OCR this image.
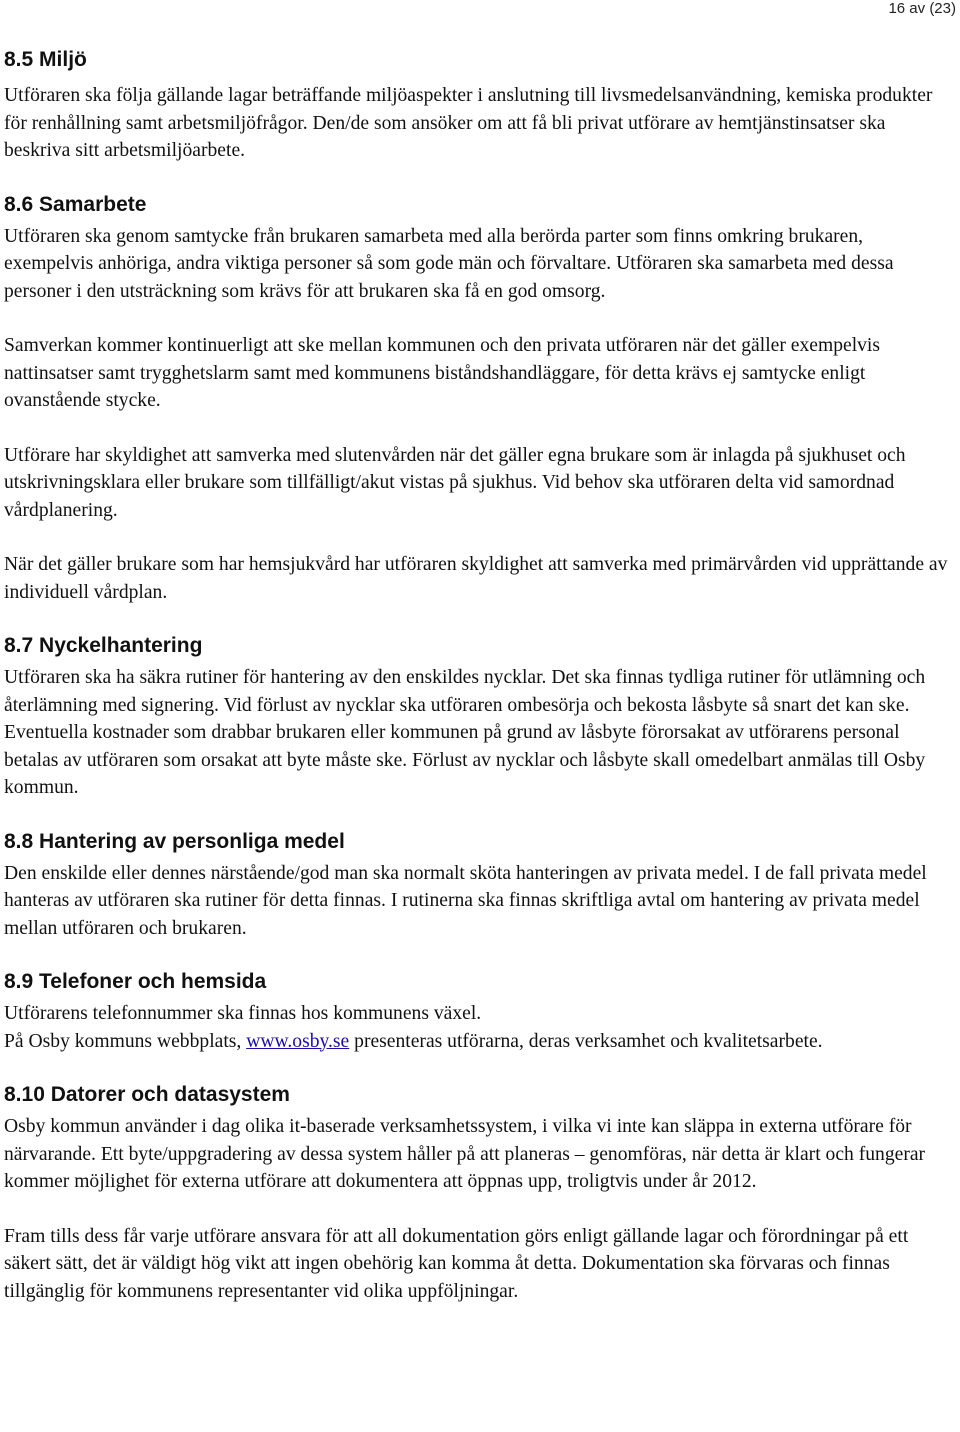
16 av (23)
8.5 Miljö

Utföraren ska följa gällande lagar beträffande miljöaspekter i anslutning till livsmedelsanvändning, kemiska produkter för renhållning samt arbetsmiljöfrågor. Den/de som ansöker om att få bli privat utförare av hemtjänstinsatser ska beskriva sitt arbetsmiljöarbete.

8.6 Samarbete

Utföraren ska genom samtycke från brukaren samarbeta med alla berörda parter som finns omkring brukaren, exempelvis anhöriga, andra viktiga personer så som gode män och förvaltare. Utföraren ska samarbeta med dessa personer i den utsträckning som krävs för att brukaren ska få en god omsorg.

Samverkan kommer kontinuerligt att ske mellan kommunen och den privata utföraren när det gäller exempelvis nattinsatser samt trygghetslarm samt med kommunens biståndshandläggare, för detta krävs ej samtycke enligt ovanstående stycke.

Utförare har skyldighet att samverka med slutenvården när det gäller egna brukare som är inlagda på sjukhuset och utskrivningsklara eller brukare som tillfälligt/akut vistas på sjukhus. Vid behov ska utföraren delta vid samordnad vårdplanering.

När det gäller brukare som har hemsjukvård har utföraren skyldighet att samverka med primärvården vid upprättande av individuell vårdplan.

8.7 Nyckelhantering

Utföraren ska ha säkra rutiner för hantering av den enskildes nycklar. Det ska finnas tydliga rutiner för utlämning och återlämning med signering. Vid förlust av nycklar ska utföraren ombesörja och bekosta låsbyte så snart det kan ske. Eventuella kostnader som drabbar brukaren eller kommunen på grund av låsbyte förorsakat av utförarens personal betalas av utföraren som orsakat att byte måste ske. Förlust av nycklar och låsbyte skall omedelbart anmälas till Osby kommun.

8.8 Hantering av personliga medel

Den enskilde eller dennes närstående/god man ska normalt sköta hanteringen av privata medel. I de fall privata medel hanteras av utföraren ska rutiner för detta finnas. I rutinerna ska finnas skriftliga avtal om hantering av privata medel mellan utföraren och brukaren.

8.9 Telefoner och hemsida

Utförarens telefonnummer ska finnas hos kommunens växel.

På Osby kommuns webbplats, www.osby.se presenteras utförarna, deras verksamhet och kvalitetsarbete.

8.10 Datorer och datasystem

Osby kommun använder i dag olika it-baserade verksamhetssystem, i vilka vi inte kan släppa in externa utförare för närvarande. Ett byte/uppgradering av dessa system håller på att planeras – genomföras, när detta är klart och fungerar kommer möjlighet för externa utförare att dokumentera att öppnas upp, troligtvis under år 2012.

Fram tills dess får varje utförare ansvara för att all dokumentation görs enligt gällande lagar och förordningar på ett säkert sätt, det är väldigt hög vikt att ingen obehörig kan komma åt detta. Dokumentation ska förvaras och finnas tillgänglig för kommunens representanter vid olika uppföljningar.
